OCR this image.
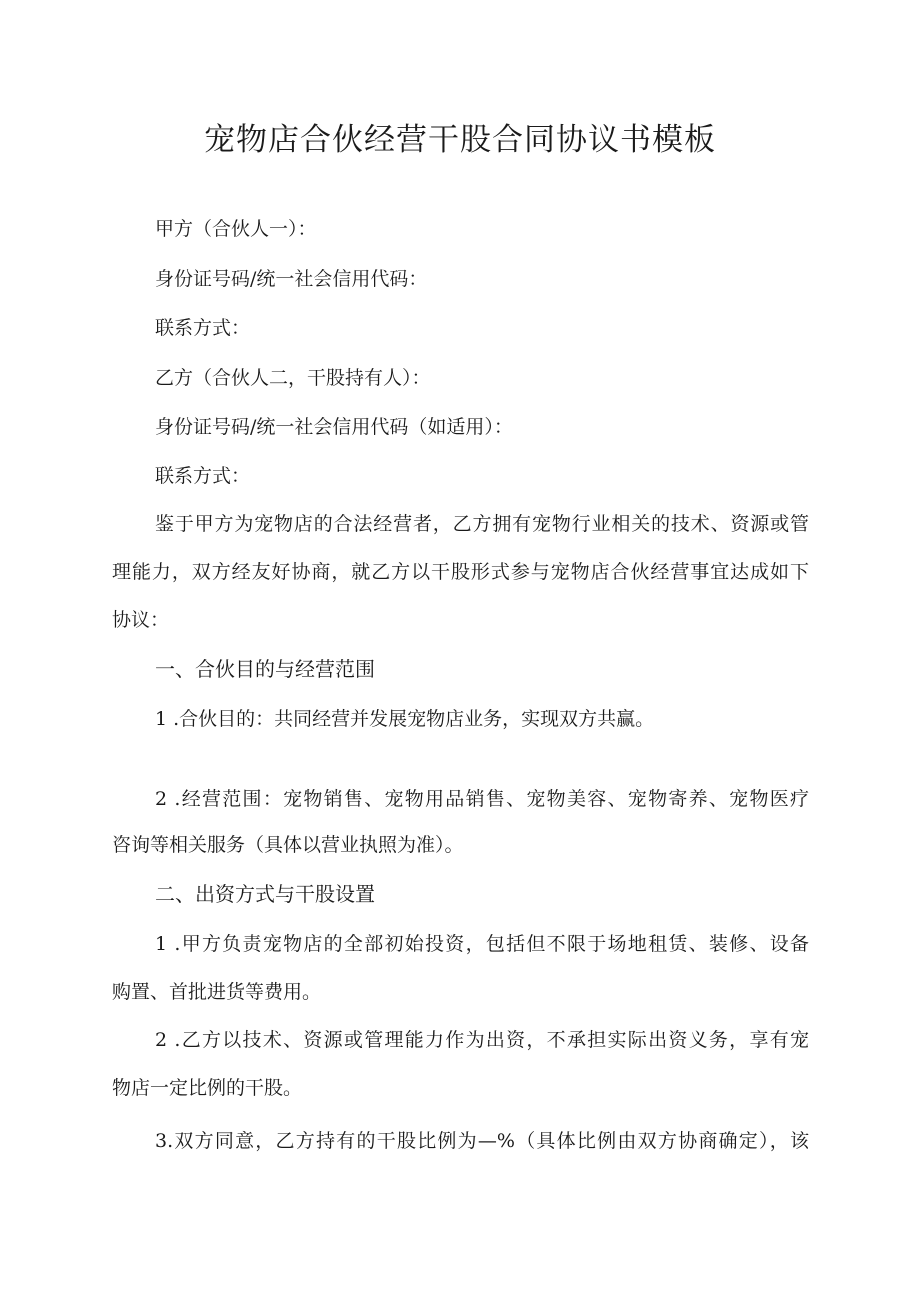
宠物店合伙经营干股合同协议书模板
甲方（合伙人一）：
身份证号码/统一社会信用代码：
联系方式：
乙方（合伙人二，干股持有人）：
身份证号码/统一社会信用代码（如适用）：
联系方式：
鉴于甲方为宠物店的合法经营者，乙方拥有宠物行业相关的技术、资源或管
理能力，双方经友好协商，就乙方以干股形式参与宠物店合伙经营事宜达成如下
协议：
一、合伙目的与经营范围
1 .合伙目的：共同经营并发展宠物店业务，实现双方共赢。
2 .经营范围：宠物销售、宠物用品销售、宠物美容、宠物寄养、宠物医疗
咨询等相关服务（具体以营业执照为准）。
二、出资方式与干股设置
1 .甲方负责宠物店的全部初始投资，包括但不限于场地租赁、装修、设备
购置、首批进货等费用。
2 .乙方以技术、资源或管理能力作为出资，不承担实际出资义务，享有宠
物店一定比例的干股。
3.双方同意，乙方持有的干股比例为—%（具体比例由双方协商确定），该
